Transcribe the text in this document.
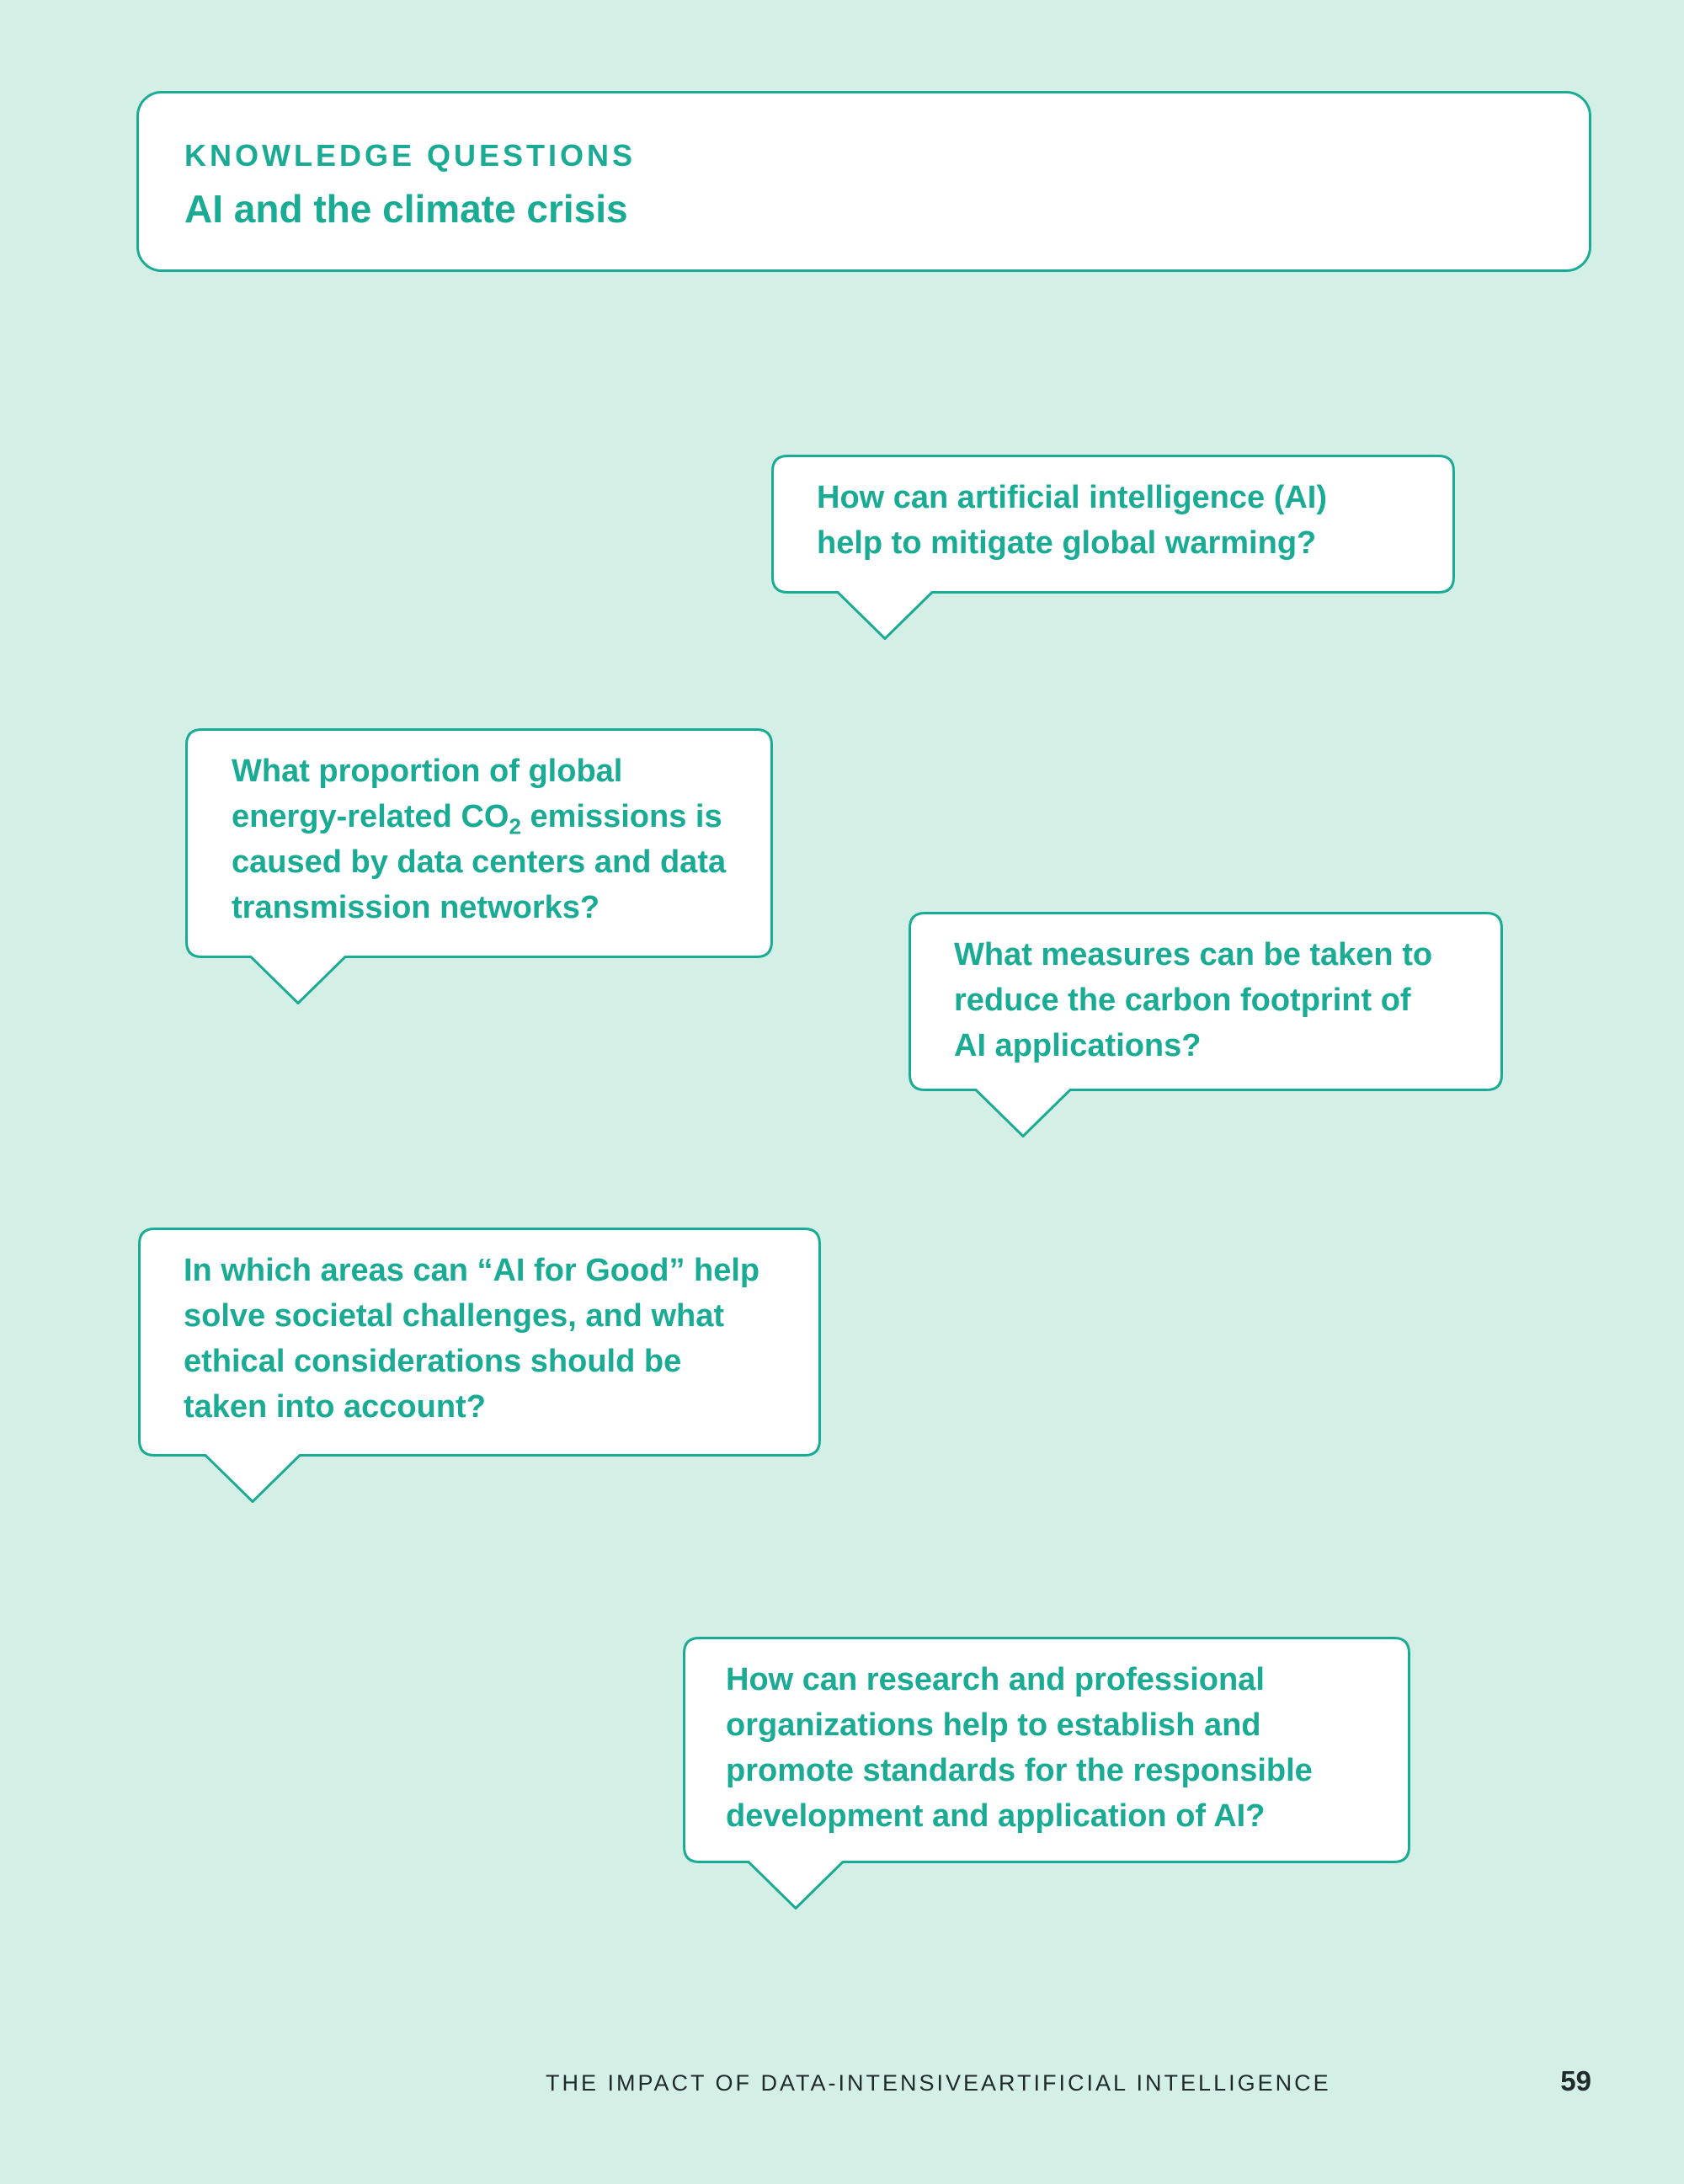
KNOWLEDGE QUESTIONS
AI and the climate crisis
How can artificial intelligence (AI)
help to mitigate global warming?
What proportion of global
energy-related $CO_2$ emissions is
caused by data centers and data
transmission networks?
What measures can be taken to
reduce the carbon footprint of
AI applications?
In which areas can “AI for Good” help
solve societal challenges, and what
ethical considerations should be
taken into account?
How can research and professional
organizations help to establish and
promote standards for the responsible
development and application of AI?
THE IMPACT OF DATA-INTENSIVEARTIFICIAL INTELLIGENCE	59
